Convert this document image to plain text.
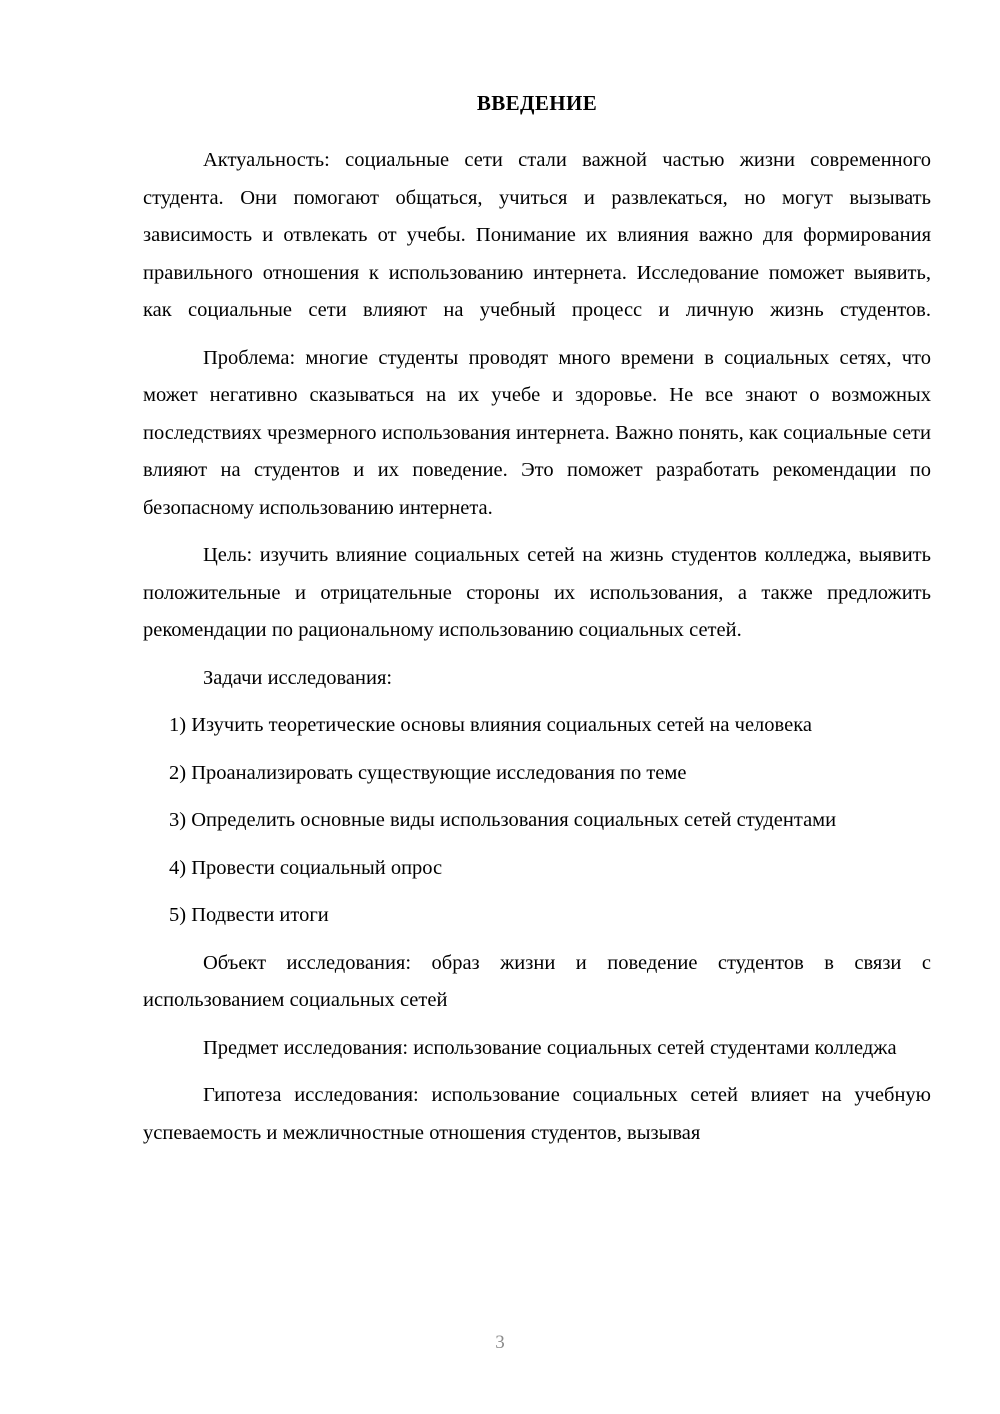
ВВЕДЕНИЕ

Актуальность: социальные сети стали важной частью жизни современного студента. Они помогают общаться, учиться и развлекаться, но могут вызывать зависимость и отвлекать от учебы. Понимание их влияния важно для формирования правильного отношения к использованию интернета. Исследование поможет выявить, как социальные сети влияют на учебный процесс и личную жизнь студентов.

Проблема: многие студенты проводят много времени в социальных сетях, что может негативно сказываться на их учебе и здоровье. Не все знают о возможных последствиях чрезмерного использования интернета. Важно понять, как социальные сети влияют на студентов и их поведение. Это поможет разработать рекомендации по безопасному использованию интернета.

Цель: изучить влияние социальных сетей на жизнь студентов колледжа, выявить положительные и отрицательные стороны их использования, а также предложить рекомендации по рациональному использованию социальных сетей.

Задачи исследования:

1) Изучить теоретические основы влияния социальных сетей на человека

2) Проанализировать существующие исследования по теме

3) Определить основные виды использования социальных сетей студентами

4) Провести социальный опрос

5) Подвести итоги

Объект исследования: образ жизни и поведение студентов в связи с использованием социальных сетей

Предмет исследования: использование социальных сетей студентами колледжа

Гипотеза исследования: использование социальных сетей влияет на учебную успеваемость и межличностные отношения студентов, вызывая

3
